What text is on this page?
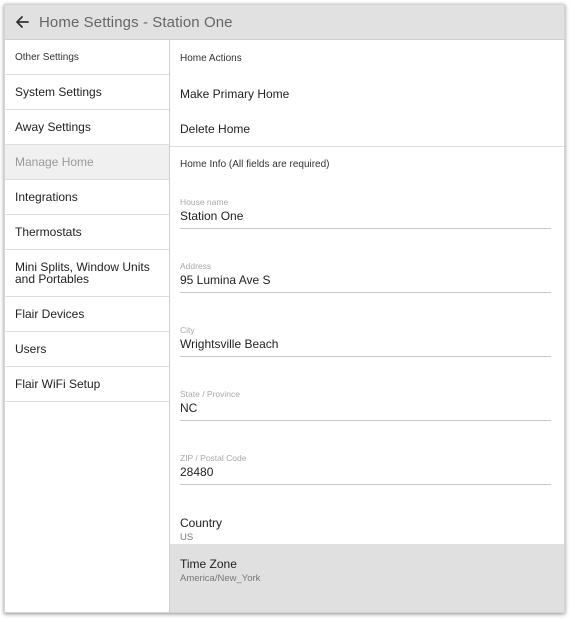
Home Settings - Station One
Other Settings
System Settings
Away Settings
Manage Home
Integrations
Thermostats
Mini Splits, Window Units and Portables
Flair Devices
Users
Flair WiFi Setup
Home Actions
Make Primary Home
Delete Home
Home Info (All fields are required)
House name
Station One
Address
95 Lumina Ave S
City
Wrightsville Beach
State / Province
NC
ZIP / Postal Code
28480
Country
US
Time Zone
America/New_York
